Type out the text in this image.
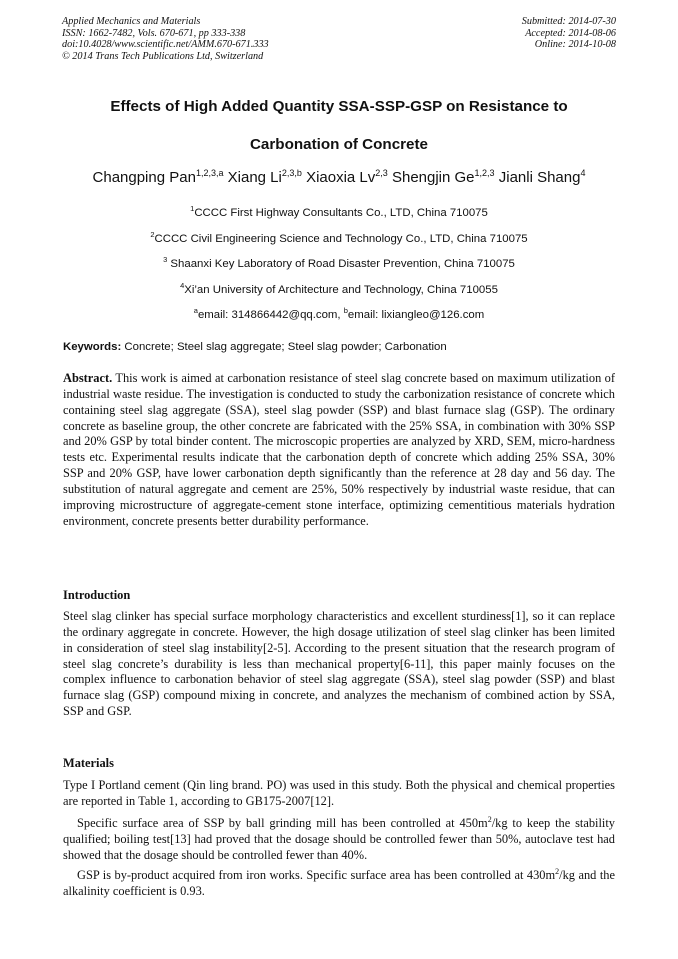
Applied Mechanics and Materials
ISSN: 1662-7482, Vols. 670-671, pp 333-338
doi:10.4028/www.scientific.net/AMM.670-671.333
© 2014 Trans Tech Publications Ltd, Switzerland
Submitted: 2014-07-30
Accepted: 2014-08-06
Online: 2014-10-08
Effects of High Added Quantity SSA-SSP-GSP on Resistance to
Carbonation of Concrete
Changping Pan$^{1,2,3,a}$ Xiang Li$^{2,3,b}$ Xiaoxia Lv$^{2,3}$ Shengjin Ge$^{1,2,3}$ Jianli Shang$^4$
$^1$CCCC First Highway Consultants Co., LTD, China 710075
$^2$CCCC Civil Engineering Science and Technology Co., LTD, China 710075
$^3$ Shaanxi Key Laboratory of Road Disaster Prevention, China 710075
$^4$Xi’an University of Architecture and Technology, China 710055
$^a$email: 314866442@qq.com, $^b$email: lixiangleo@126.com
Keywords: Concrete; Steel slag aggregate; Steel slag powder; Carbonation
Abstract. This work is aimed at carbonation resistance of steel slag concrete based on maximum utilization of industrial waste residue. The investigation is conducted to study the carbonization resistance of concrete which containing steel slag aggregate (SSA), steel slag powder (SSP) and blast furnace slag (GSP). The ordinary concrete as baseline group, the other concrete are fabricated with the 25% SSA, in combination with 30% SSP and 20% GSP by total binder content. The microscopic properties are analyzed by XRD, SEM, micro-hardness tests etc. Experimental results indicate that the carbonation depth of concrete which adding 25% SSA, 30% SSP and 20% GSP, have lower carbonation depth significantly than the reference at 28 day and 56 day. The substitution of natural aggregate and cement are 25%, 50% respectively by industrial waste residue, that can improving microstructure of aggregate-cement stone interface, optimizing cementitious materials hydration environment, concrete presents better durability performance.
Introduction
Steel slag clinker has special surface morphology characteristics and excellent sturdiness[1], so it can replace the ordinary aggregate in concrete. However, the high dosage utilization of steel slag clinker has been limited in consideration of steel slag instability[2-5]. According to the present situation that the research program of steel slag concrete’s durability is less than mechanical property[6-11], this paper mainly focuses on the complex influence to carbonation behavior of steel slag aggregate (SSA), steel slag powder (SSP) and blast furnace slag (GSP) compound mixing in concrete, and analyzes the mechanism of combined action by SSA, SSP and GSP.
Materials
Type I Portland cement (Qin ling brand. PO) was used in this study. Both the physical and chemical properties are reported in Table 1, according to GB175-2007[12].
Specific surface area of SSP by ball grinding mill has been controlled at $450m^2/kg$ to keep the stability qualified; boiling test[13] had proved that the dosage should be controlled fewer than 50%, autoclave test had showed that the dosage should be controlled fewer than 40%.
GSP is by-product acquired from iron works. Specific surface area has been controlled at $430m^2/kg$ and the alkalinity coefficient is 0.93.
